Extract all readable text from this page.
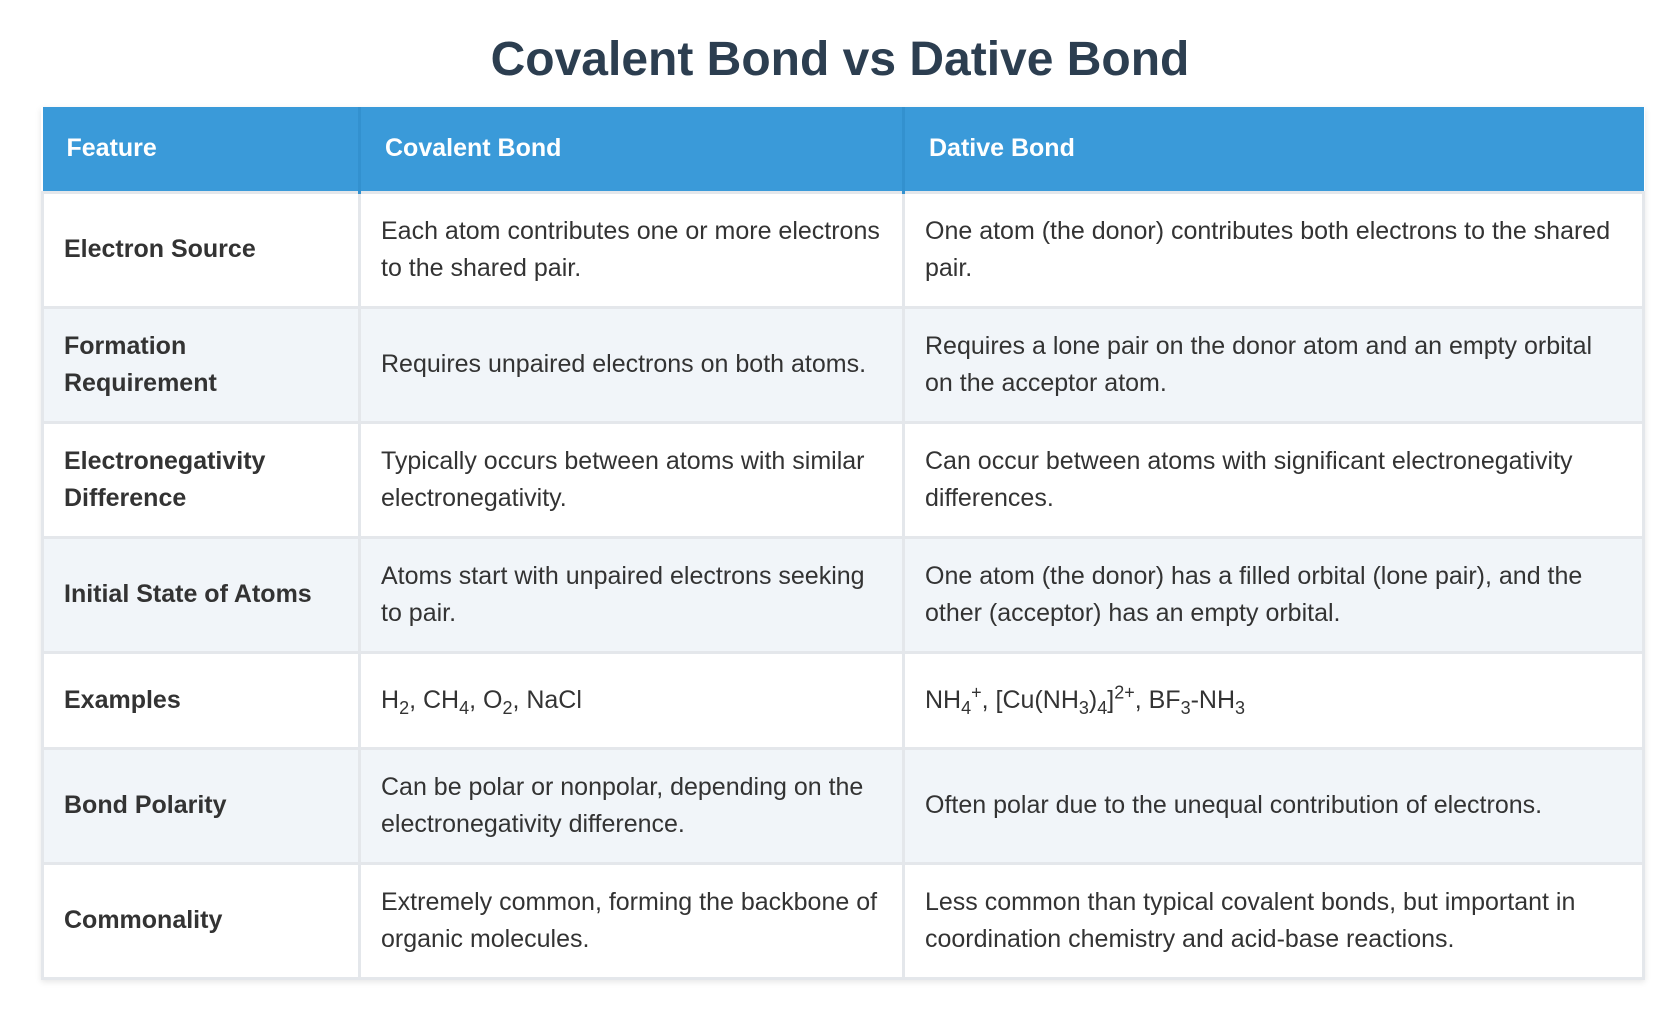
Covalent Bond vs Dative Bond
Feature	Covalent Bond	Dative Bond
Electron Source	Each atom contributes one or more electrons to the shared pair.	One atom (the donor) contributes both electrons to the shared pair.
Formation Requirement	Requires unpaired electrons on both atoms.	Requires a lone pair on the donor atom and an empty orbital on the acceptor atom.
Electronegativity Difference	Typically occurs between atoms with similar electronegativity.	Can occur between atoms with significant electronegativity differences.
Initial State of Atoms	Atoms start with unpaired electrons seeking to pair.	One atom (the donor) has a filled orbital (lone pair), and the other (acceptor) has an empty orbital.
Examples	$H_2$, $CH_4$, $O_2$, NaCl	$NH_4^+$, $[Cu(NH_3)_4]^{2+}$, $BF_3-NH_3$
Bond Polarity	Can be polar or nonpolar, depending on the electronegativity difference.	Often polar due to the unequal contribution of electrons.
Commonality	Extremely common, forming the backbone of organic molecules.	Less common than typical covalent bonds, but important in coordination chemistry and acid-base reactions.
